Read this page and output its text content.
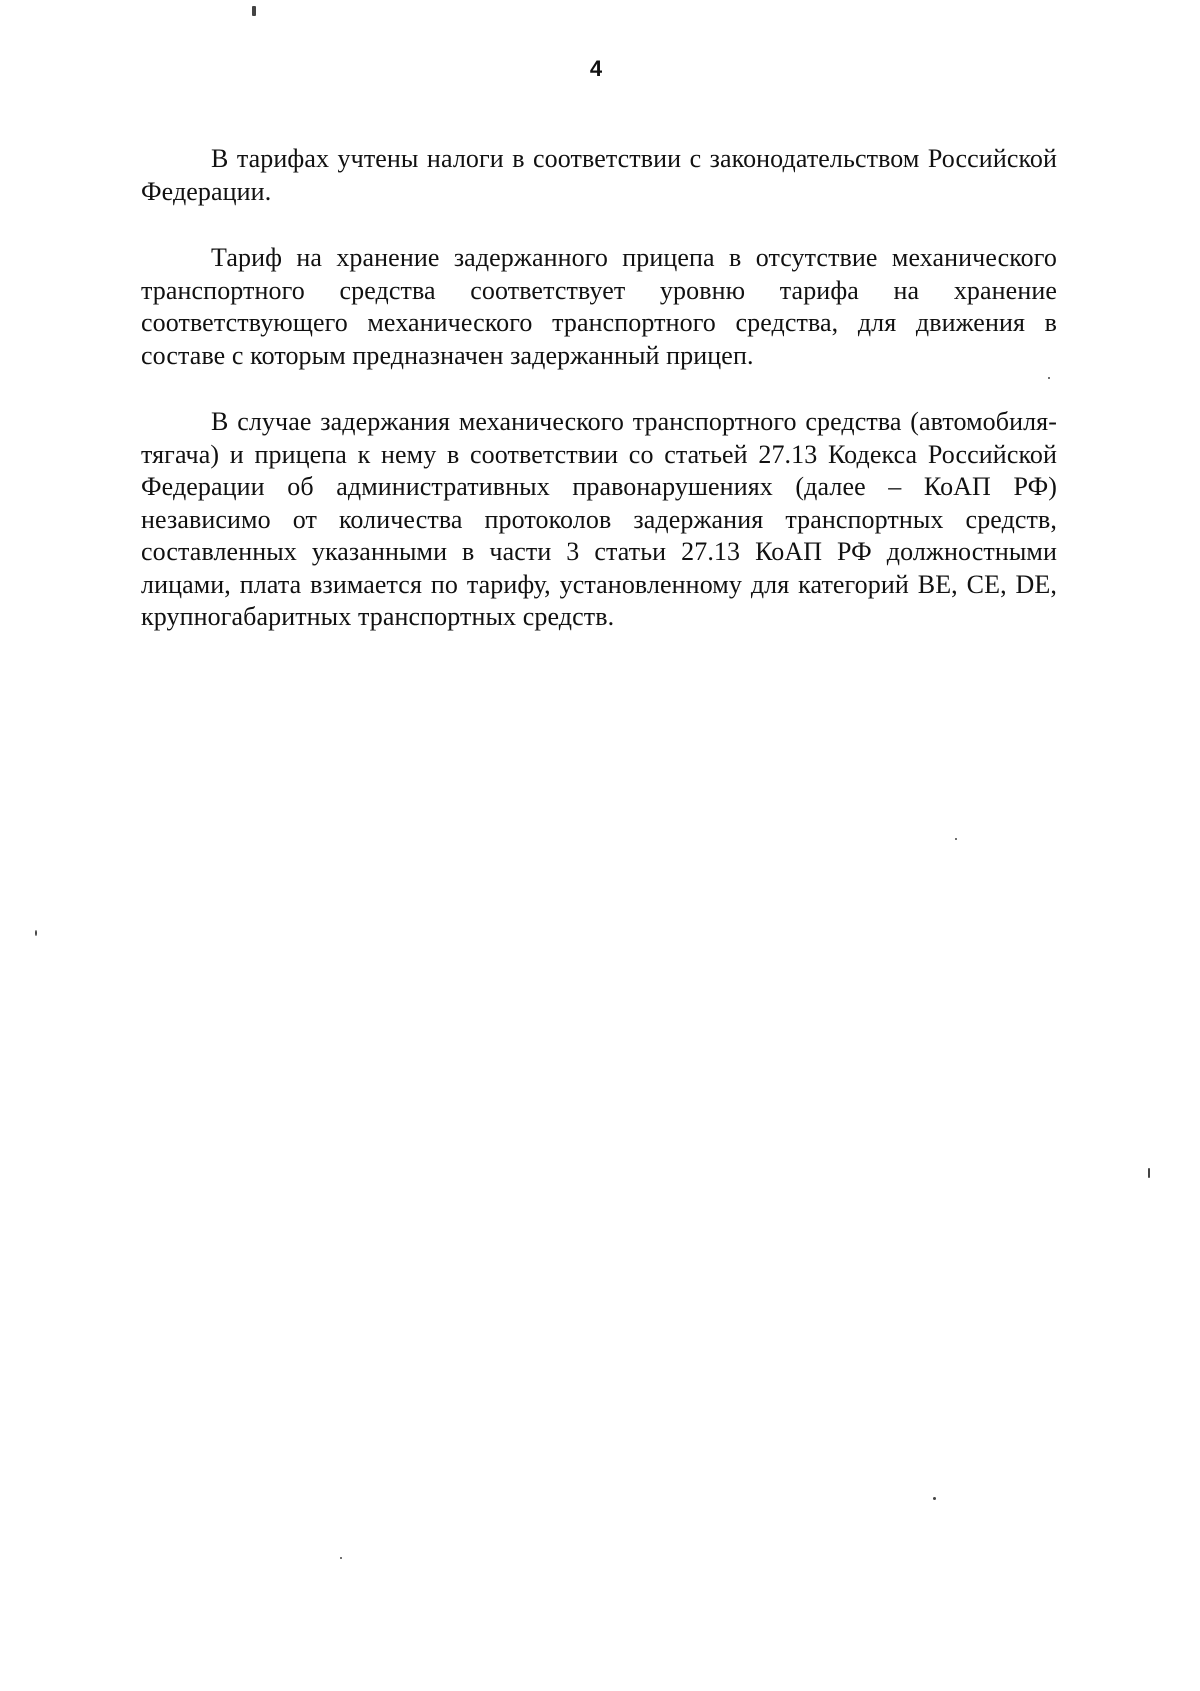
4

В тарифах учтены налоги в соответствии с законодательством Российской Федерации.

Тариф на хранение задержанного прицепа в отсутствие механического транспортного средства соответствует уровню тарифа на хранение соответствующего механического транспортного средства, для движения в составе с которым предназначен задержанный прицеп.

В случае задержания механического транспортного средства (автомобиля-тягача) и прицепа к нему в соответствии со статьей 27.13 Кодекса Российской Федерации об административных правонарушениях (далее – КоАП РФ) независимо от количества протоколов задержания транспортных средств, составленных указанными в части 3 статьи 27.13 КоАП РФ должностными лицами, плата взимается по тарифу, установленному для категорий ВЕ, СЕ, DЕ, крупногабаритных транспортных средств.
